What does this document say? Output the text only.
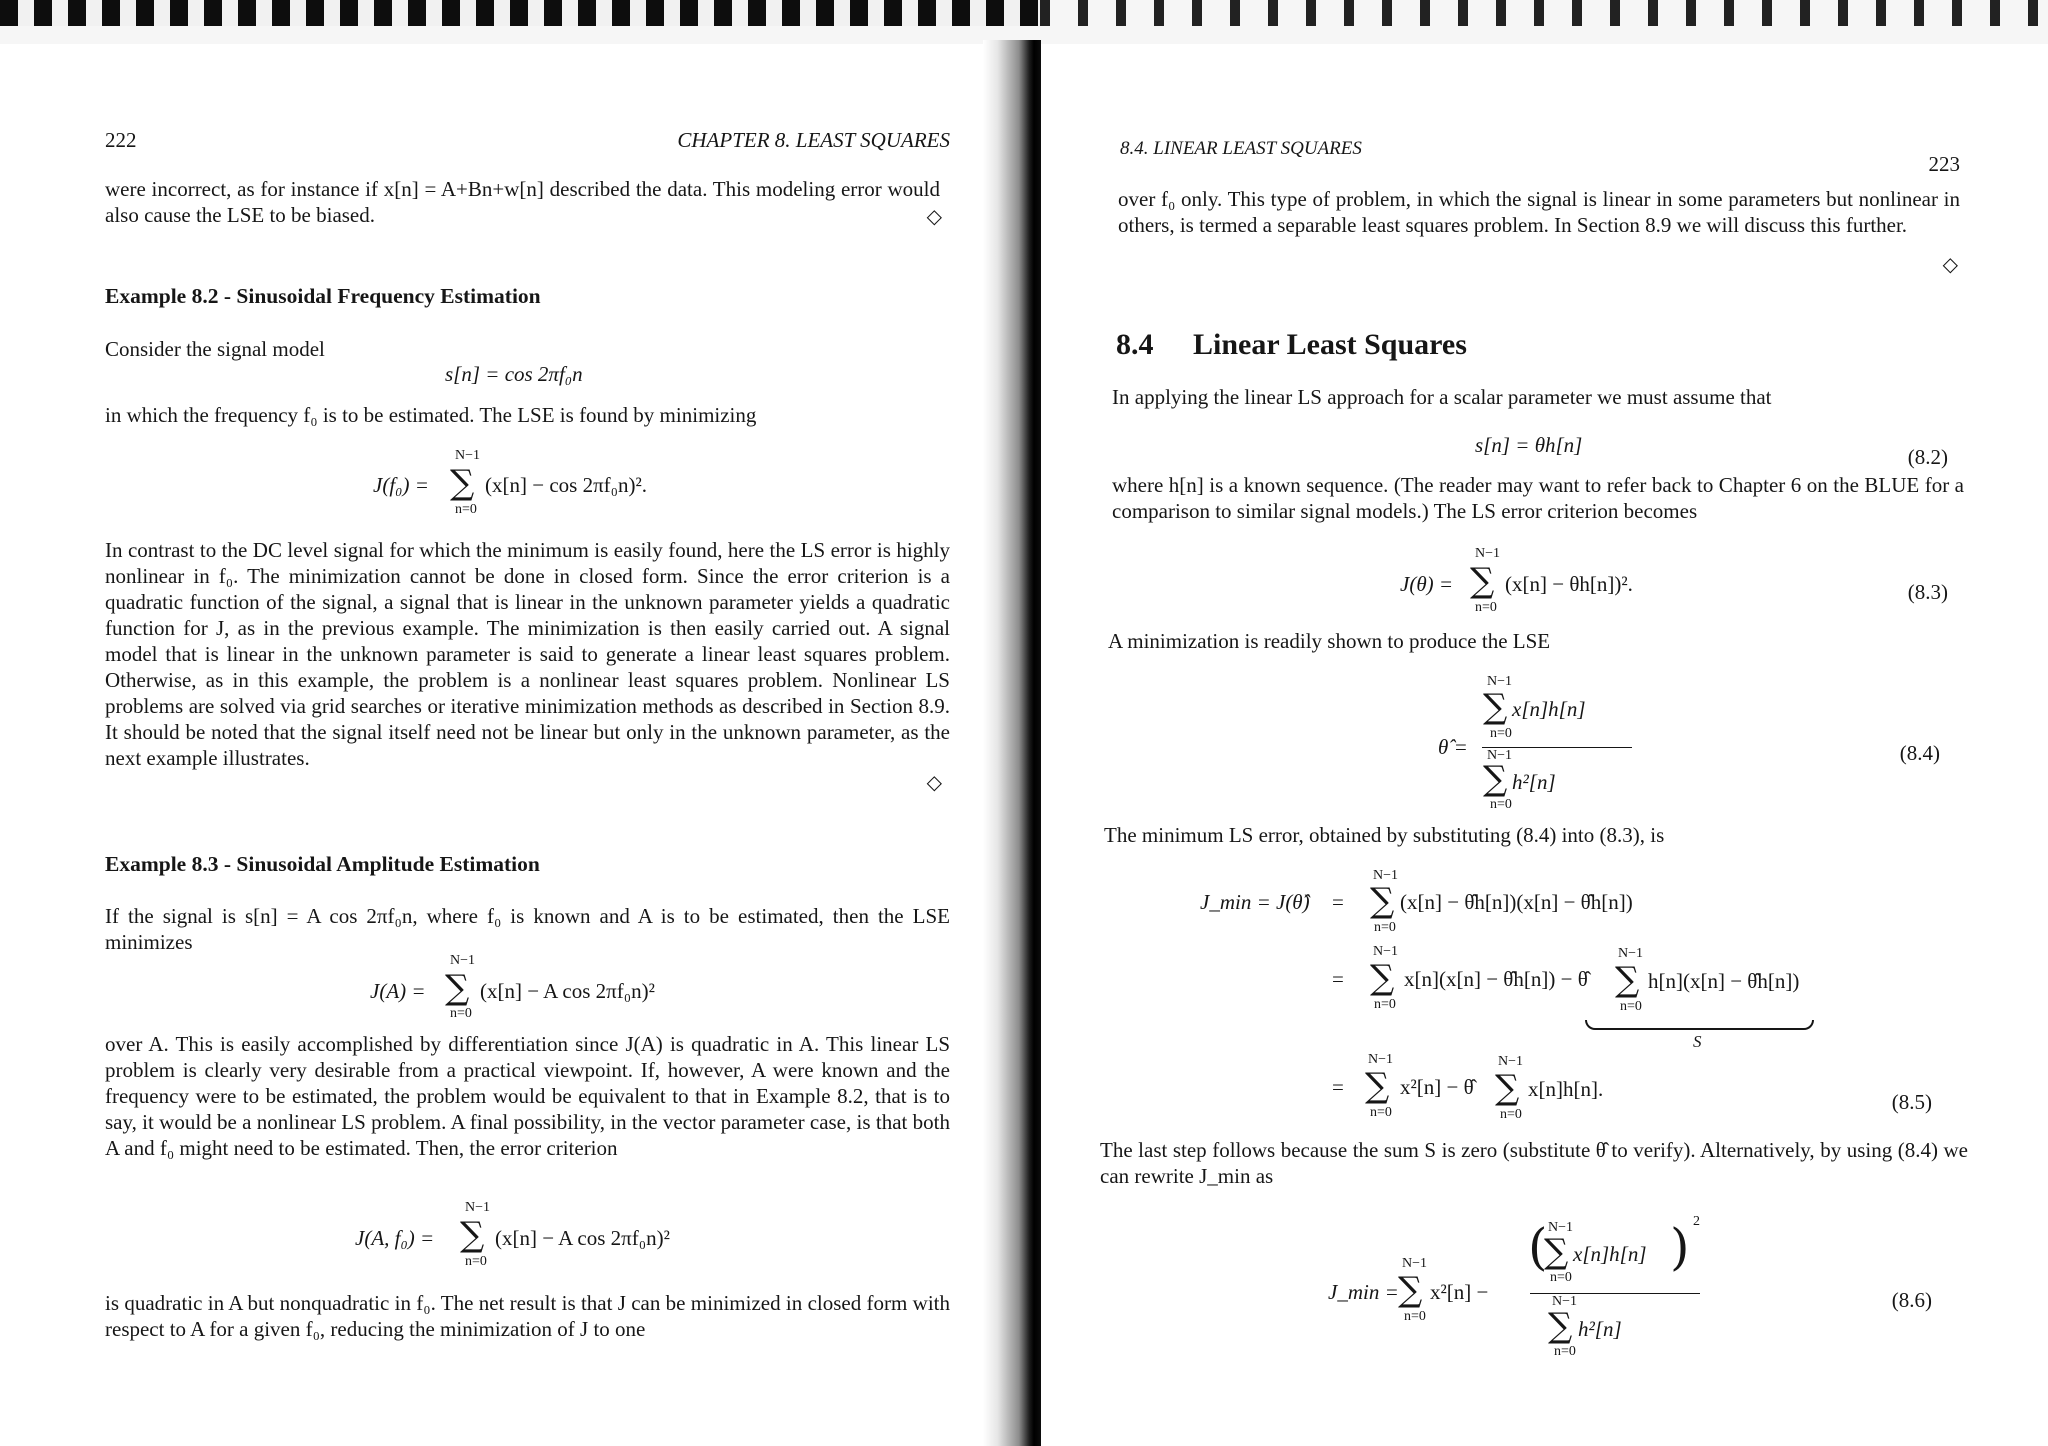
222	CHAPTER 8. LEAST SQUARES

were incorrect, as for instance if x[n] = A+Bn+w[n] described the data. This modeling error would also cause the LSE to be biased.	◇
Example 8.2 - Sinusoidal Frequency Estimation
Consider the signal model
s[n] = cos 2πf₀n
in which the frequency f₀ is to be estimated. The LSE is found by minimizing
J(f₀) =
N−1
∑
n=0
(x[n] − cos 2πf₀n)².

In contrast to the DC level signal for which the minimum is easily found, here the LS error is highly nonlinear in f₀. The minimization cannot be done in closed form. Since the error criterion is a quadratic function of the signal, a signal that is linear in the unknown parameter yields a quadratic function for J, as in the previous example. The minimization is then easily carried out. A signal model that is linear in the unknown parameter is said to generate a linear least squares problem. Otherwise, as in this example, the problem is a nonlinear least squares problem. Nonlinear LS problems are solved via grid searches or iterative minimization methods as described in Section 8.9. It should be noted that the signal itself need not be linear but only in the unknown parameter, as the next example illustrates.

◇
Example 8.3 - Sinusoidal Amplitude Estimation

If the signal is s[n] = A cos 2πf₀n, where f₀ is known and A is to be estimated, then the LSE minimizes

J(A) =
N−1
∑
n=0
(x[n] − A cos 2πf₀n)²

over A. This is easily accomplished by differentiation since J(A) is quadratic in A. This linear LS problem is clearly very desirable from a practical viewpoint. If, however, A were known and the frequency were to be estimated, the problem would be equivalent to that in Example 8.2, that is to say, it would be a nonlinear LS problem. A final possibility, in the vector parameter case, is that both A and f₀ might need to be estimated. Then, the error criterion

J(A, f₀) =
N−1
∑
n=0
(x[n] − A cos 2πf₀n)²

is quadratic in A but nonquadratic in f₀. The net result is that J can be minimized in closed form with respect to A for a given f₀, reducing the minimization of J to one

8.4. LINEAR LEAST SQUARES
223

over f₀ only. This type of problem, in which the signal is linear in some parameters but nonlinear in others, is termed a separable least squares problem. In Section 8.9 we will discuss this further.

◇
8.4 Linear Least Squares

In applying the linear LS approach for a scalar parameter we must assume that

s[n] = θh[n]	(8.2)

where h[n] is a known sequence. (The reader may want to refer back to Chapter 6 on the BLUE for a comparison to similar signal models.) The LS error criterion becomes

J(θ) =
N−1
∑
n=0
(x[n] − θh[n])².	(8.3)
A minimization is readily shown to produce the LSE
θ̂ =
N−1
∑ x[n]h[n]
n=0
N−1
∑ h²[n]
n=0
(8.4)
The minimum LS error, obtained by substituting (8.4) into (8.3), is
J_min = J(θ̂) =
N−1
∑
n=0
(x[n] − θ̂h[n])(x[n] − θ̂h[n])
=
N−1
∑
n=0
x[n](x[n] − θ̂h[n]) − θ̂
N−1
∑
n=0
h[n](x[n] − θ̂h[n])
S
=
N−1
∑
n=0
x²[n] − θ̂
N−1
∑
n=0
x[n]h[n].
(8.5)

The last step follows because the sum S is zero (substitute θ̂ to verify). Alternatively, by using (8.4) we can rewrite J_min as

J_min =
N−1
∑
n=0
x²[n] −
( N−1
∑ x[n]h[n]
n=0
) 2
N−1
∑ h²[n]
n=0
(8.6)
